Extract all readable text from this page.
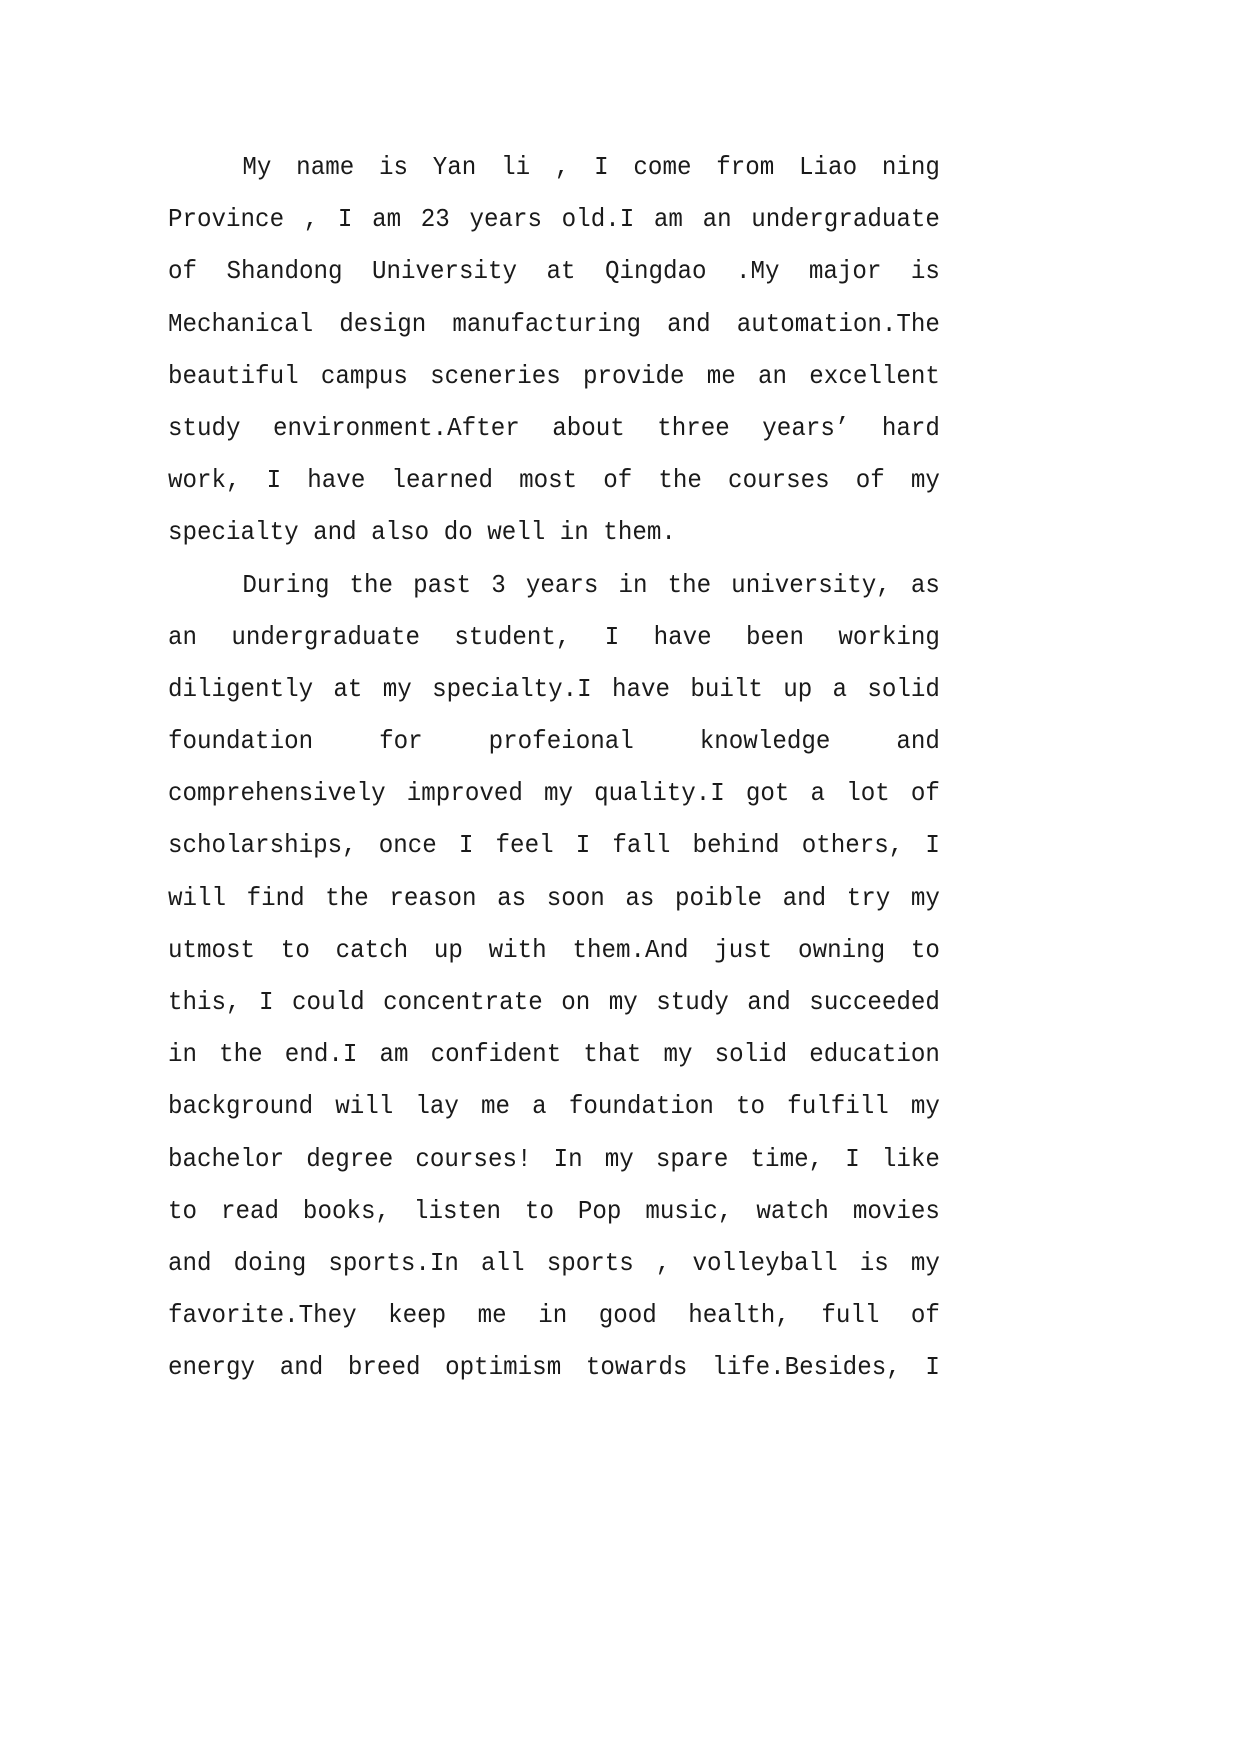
My name is Yan li , I come from Liao ning
Province , I am 23 years old.I am an undergraduate
of Shandong University at Qingdao .My major is
Mechanical design manufacturing and automation.The
beautiful campus sceneries provide me an excellent
study environment.After about three years’ hard
work, I have learned most of the courses of my
specialty and also do well in them.
During the past 3 years in the university, as
an undergraduate student, I have been working
diligently at my specialty.I have built up a solid
foundation for profeional knowledge and
comprehensively improved my quality.I got a lot of
scholarships, once I feel I fall behind others, I
will find the reason as soon as poible and try my
utmost to catch up with them.And just owning to
this, I could concentrate on my study and succeeded
in the end.I am confident that my solid education
background will lay me a foundation to fulfill my
bachelor degree courses! In my spare time, I like
to read books, listen to Pop music, watch movies
and doing sports.In all sports , volleyball is my
favorite.They keep me in good health, full of
energy and breed optimism towards life.Besides, I
